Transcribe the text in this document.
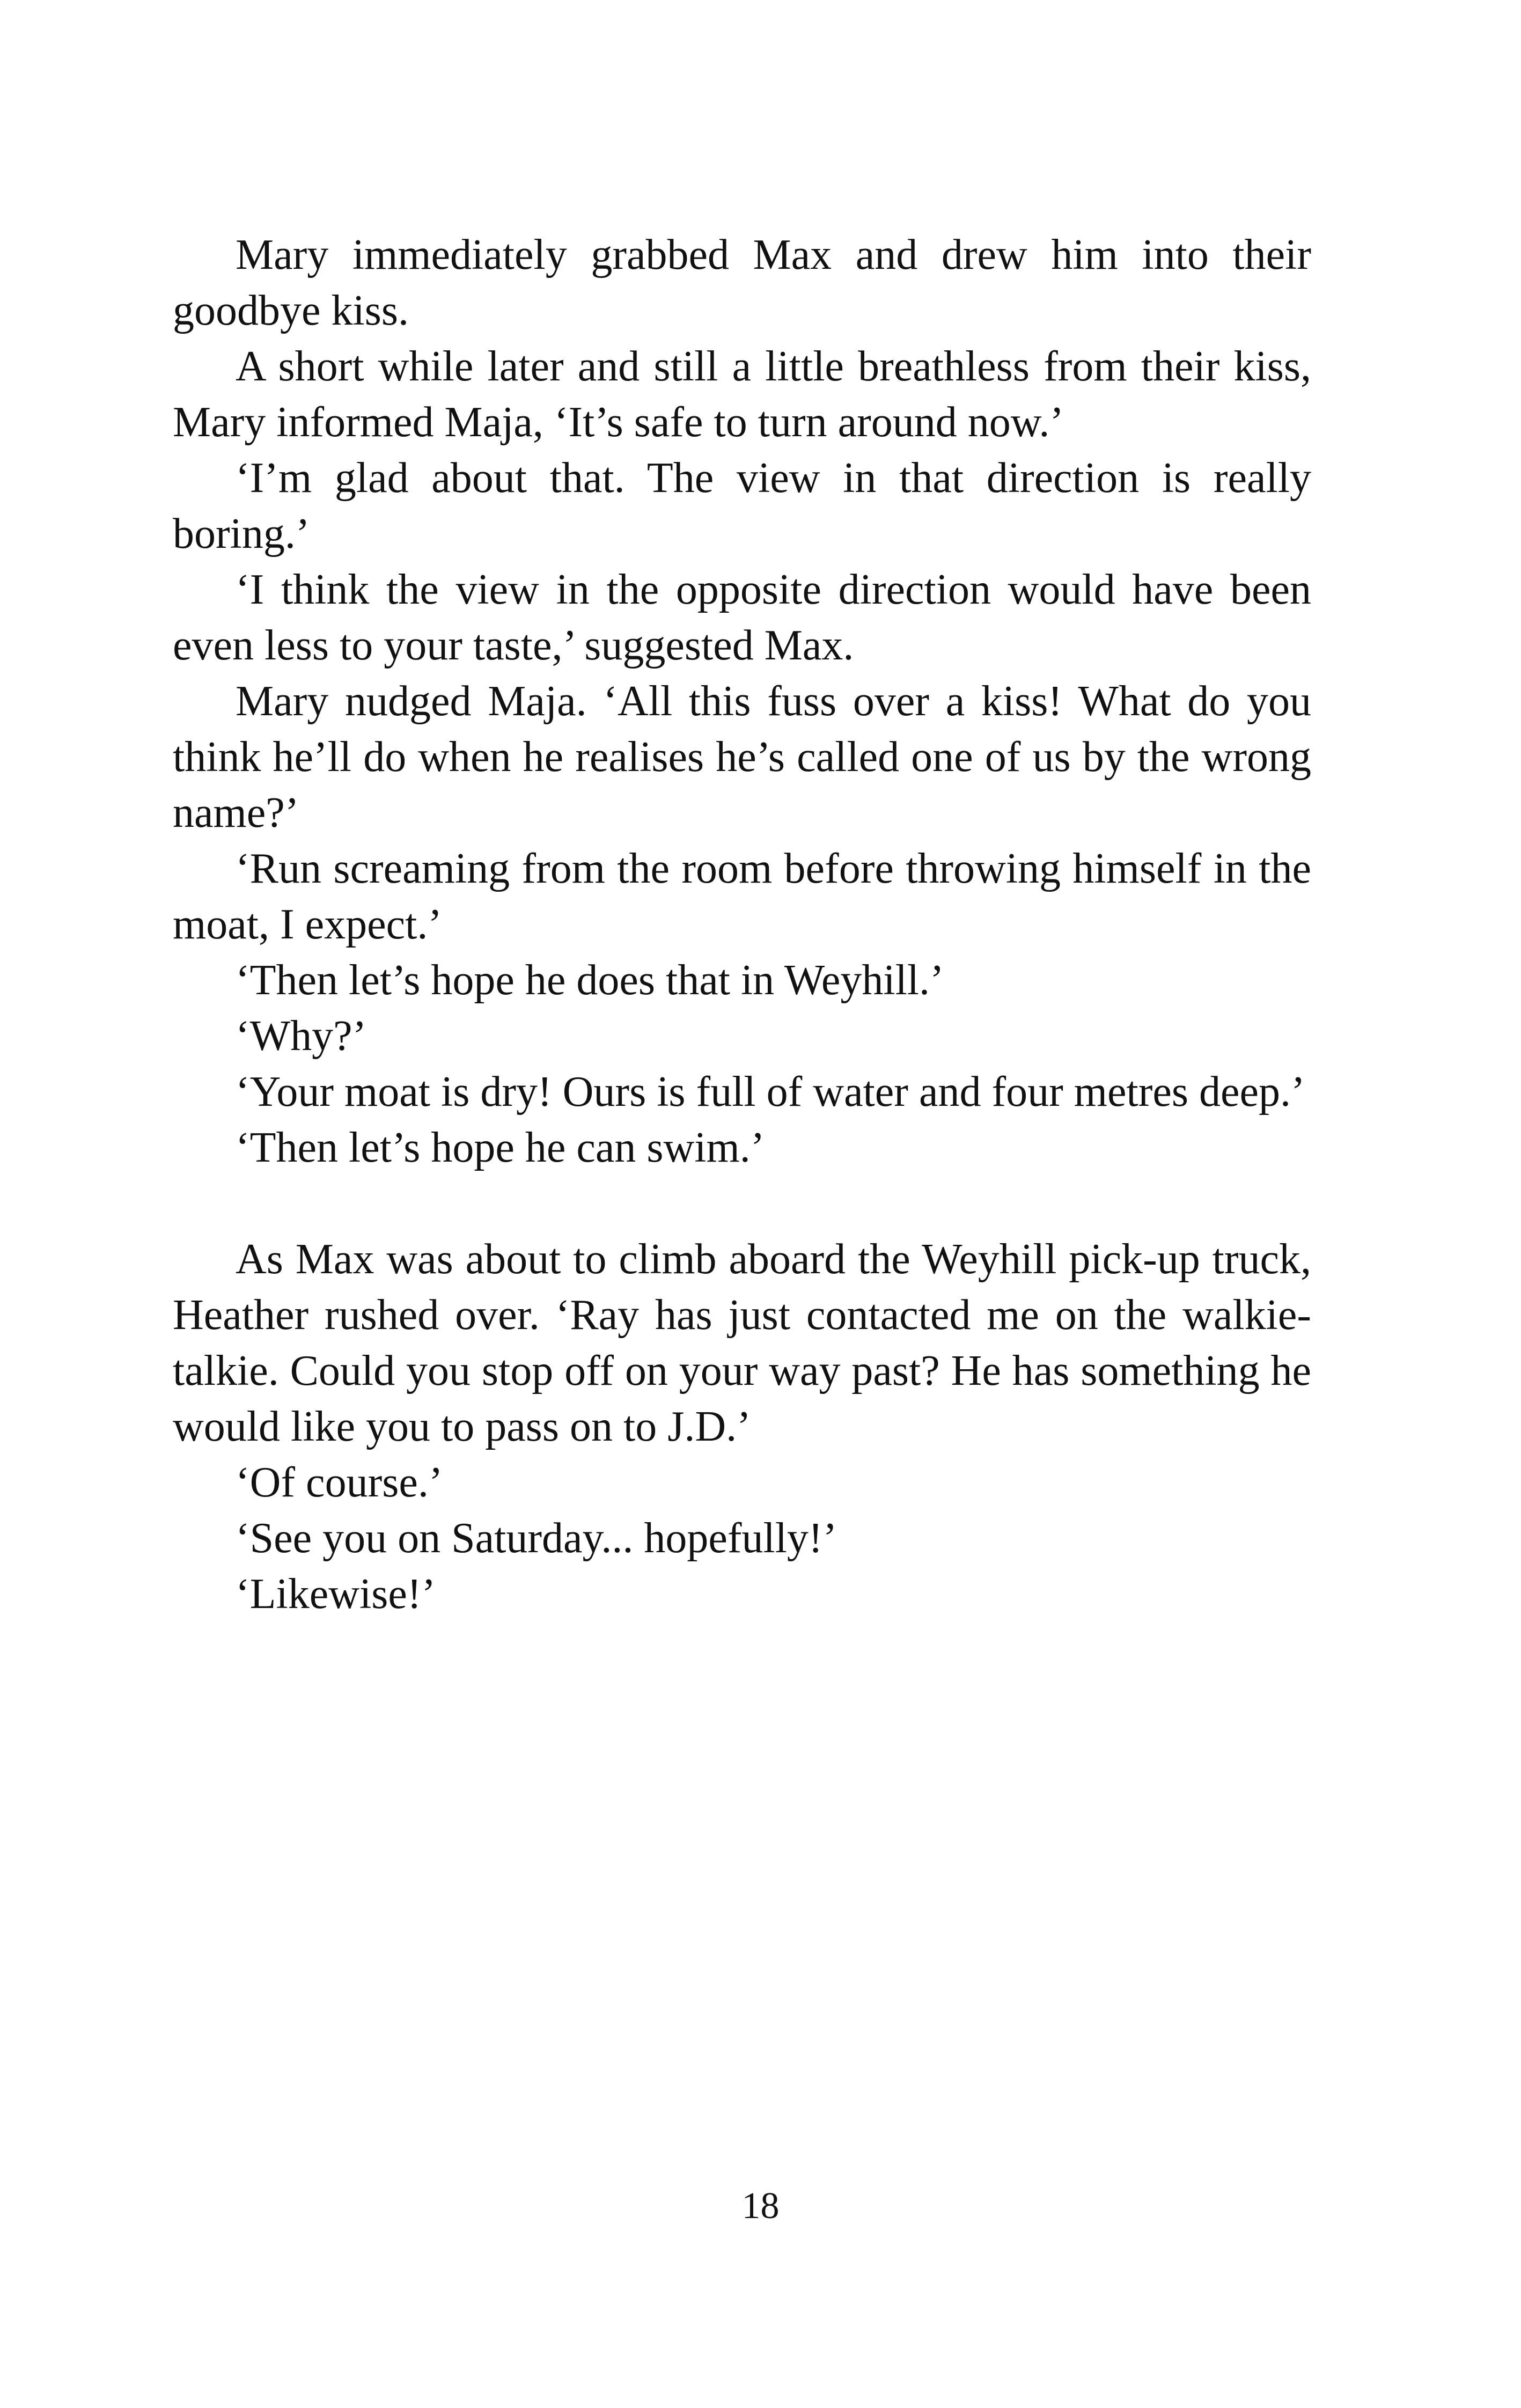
Mary immediately grabbed Max and drew him into their goodbye kiss.

A short while later and still a little breathless from their kiss, Mary informed Maja, ‘It’s safe to turn around now.’

‘I’m glad about that. The view in that direction is really boring.’

‘I think the view in the opposite direction would have been even less to your taste,’ suggested Max.

Mary nudged Maja. ‘All this fuss over a kiss! What do you think he’ll do when he realises he’s called one of us by the wrong name?’

‘Run screaming from the room before throwing himself in the moat, I expect.’

‘Then let’s hope he does that in Weyhill.’

‘Why?’

‘Your moat is dry! Ours is full of water and four metres deep.’

‘Then let’s hope he can swim.’

As Max was about to climb aboard the Weyhill pick-up truck, Heather rushed over. ‘Ray has just contacted me on the walkie-talkie. Could you stop off on your way past? He has something he would like you to pass on to J.D.’

‘Of course.’

‘See you on Saturday... hopefully!’

‘Likewise!’

18
